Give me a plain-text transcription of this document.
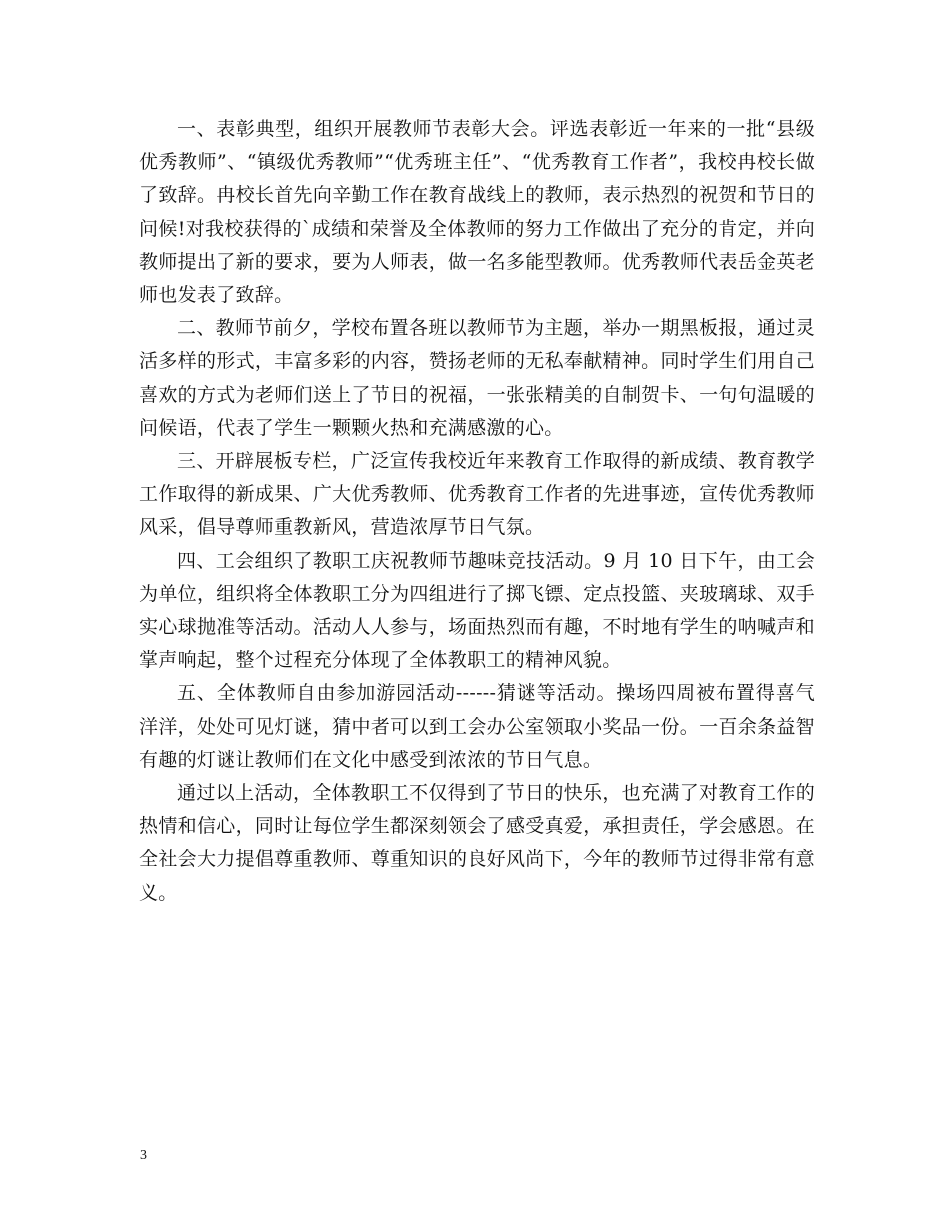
一、表彰典型，组织开展教师节表彰大会。评选表彰近一年来的一批“县级优秀教师”、“镇级优秀教师”“优秀班主任”、“优秀教育工作者”，我校冉校长做了致辞。冉校长首先向辛勤工作在教育战线上的教师，表示热烈的祝贺和节日的问候!对我校获得的`成绩和荣誉及全体教师的努力工作做出了充分的肯定，并向教师提出了新的要求，要为人师表，做一名多能型教师。优秀教师代表岳金英老师也发表了致辞。

二、教师节前夕，学校布置各班以教师节为主题，举办一期黑板报，通过灵活多样的形式，丰富多彩的内容，赞扬老师的无私奉献精神。同时学生们用自己喜欢的方式为老师们送上了节日的祝福，一张张精美的自制贺卡、一句句温暖的问候语，代表了学生一颗颗火热和充满感激的心。

三、开辟展板专栏，广泛宣传我校近年来教育工作取得的新成绩、教育教学工作取得的新成果、广大优秀教师、优秀教育工作者的先进事迹，宣传优秀教师风采，倡导尊师重教新风，营造浓厚节日气氛。

四、工会组织了教职工庆祝教师节趣味竞技活动。9 月 10 日下午，由工会为单位，组织将全体教职工分为四组进行了掷飞镖、定点投篮、夹玻璃球、双手实心球抛准等活动。活动人人参与，场面热烈而有趣，不时地有学生的呐喊声和掌声响起，整个过程充分体现了全体教职工的精神风貌。

五、全体教师自由参加游园活动------猜谜等活动。操场四周被布置得喜气洋洋，处处可见灯谜，猜中者可以到工会办公室领取小奖品一份。一百余条益智有趣的灯谜让教师们在文化中感受到浓浓的节日气息。

通过以上活动，全体教职工不仅得到了节日的快乐，也充满了对教育工作的热情和信心，同时让每位学生都深刻领会了感受真爱，承担责任，学会感恩。在全社会大力提倡尊重教师、尊重知识的良好风尚下，今年的教师节过得非常有意义。

3
